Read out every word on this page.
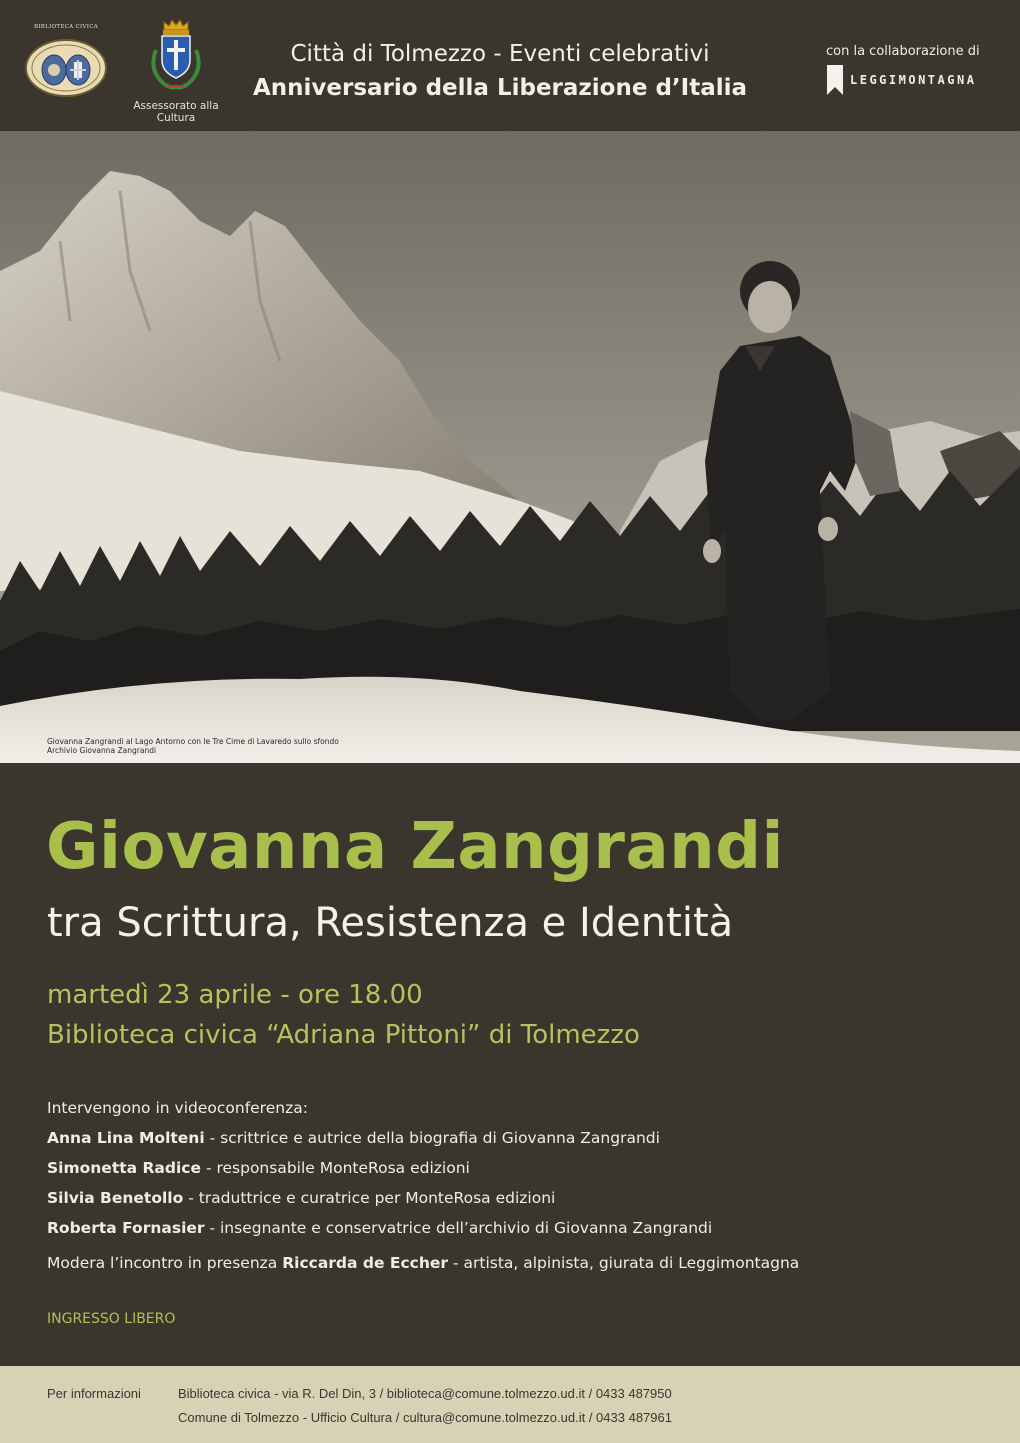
BIBLIOTECA CIVICA
Assessorato alla Cultura
Città di Tolmezzo - Eventi celebrativi
Anniversario della Liberazione d’Italia
con la collaborazione di
LEGGIMONTAGNA
Giovanna Zangrandi al Lago Antorno con le Tre Cime di Lavaredo sullo sfondo
Archivio Giovanna Zangrandi
Giovanna Zangrandi
tra Scrittura, Resistenza e Identità
martedì 23 aprile - ore 18.00
Biblioteca civica “Adriana Pittoni” di Tolmezzo
Intervengono in videoconferenza:
Anna Lina Molteni - scrittrice e autrice della biografia di Giovanna Zangrandi
Simonetta Radice - responsabile MonteRosa edizioni
Silvia Benetollo - traduttrice e curatrice per MonteRosa edizioni
Roberta Fornasier - insegnante e conservatrice dell’archivio di Giovanna Zangrandi
Modera l’incontro in presenza Riccarda de Eccher - artista, alpinista, giurata di Leggimontagna
INGRESSO LIBERO
Per informazioni	Biblioteca civica - via R. Del Din, 3 / biblioteca@comune.tolmezzo.ud.it / 0433 487950
Comune di Tolmezzo - Ufficio Cultura / cultura@comune.tolmezzo.ud.it / 0433 487961
